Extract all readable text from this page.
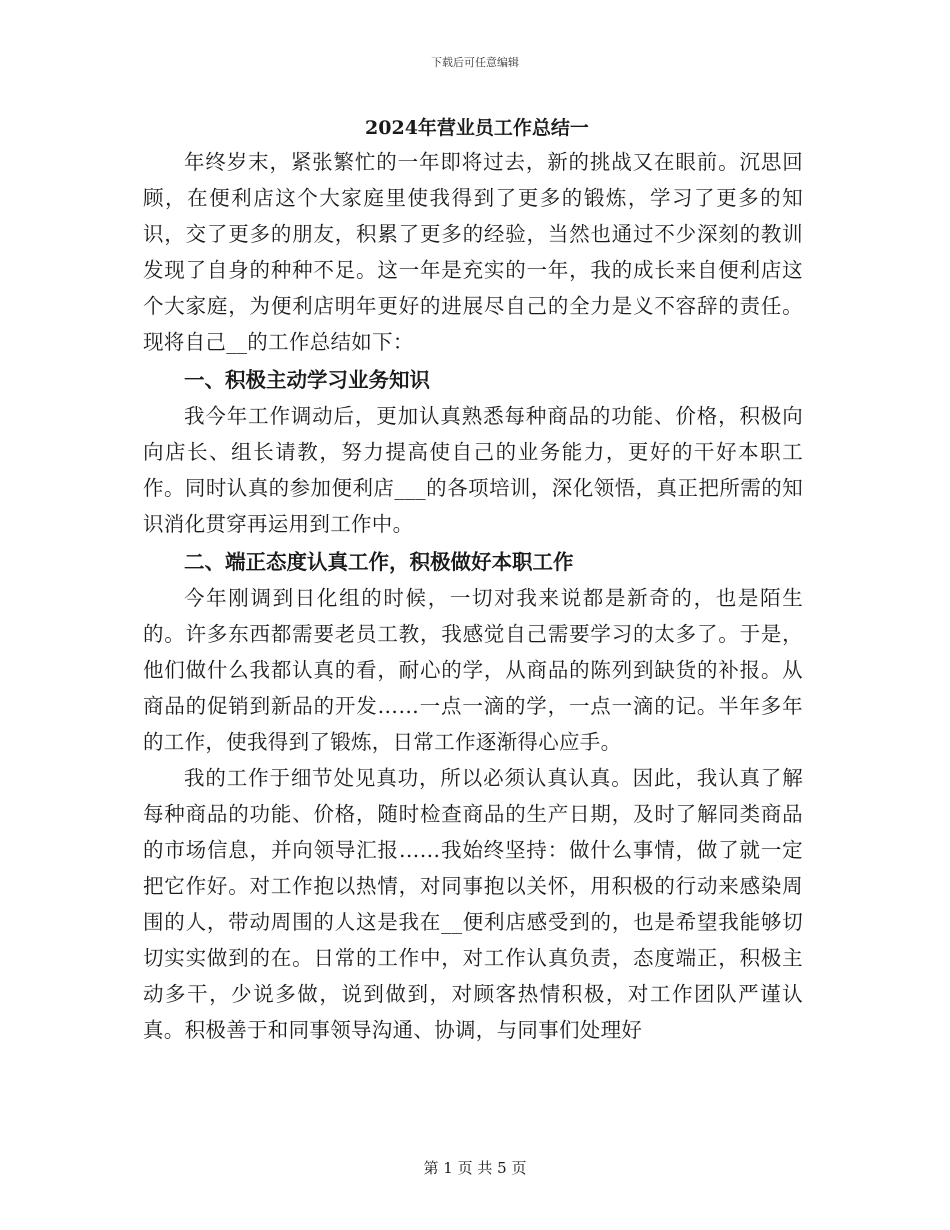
下载后可任意编辑
2024年营业员工作总结一

年终岁末，紧张繁忙的一年即将过去，新的挑战又在眼前。沉思回顾，在便利店这个大家庭里使我得到了更多的锻炼，学习了更多的知识，交了更多的朋友，积累了更多的经验，当然也通过不少深刻的教训发现了自身的种种不足。这一年是充实的一年，我的成长来自便利店这个大家庭，为便利店明年更好的进展尽自己的全力是义不容辞的责任。现将自己__的工作总结如下：

一、积极主动学习业务知识

我今年工作调动后，更加认真熟悉每种商品的功能、价格，积极向向店长、组长请教，努力提高使自己的业务能力，更好的干好本职工作。同时认真的参加便利店___的各项培训，深化领悟，真正把所需的知识消化贯穿再运用到工作中。

二、端正态度认真工作，积极做好本职工作

今年刚调到日化组的时候，一切对我来说都是新奇的，也是陌生的。许多东西都需要老员工教，我感觉自己需要学习的太多了。于是，他们做什么我都认真的看，耐心的学，从商品的陈列到缺货的补报。从商品的促销到新品的开发……一点一滴的学，一点一滴的记。半年多年的工作，使我得到了锻炼，日常工作逐渐得心应手。

我的工作于细节处见真功，所以必须认真认真。因此，我认真了解每种商品的功能、价格，随时检查商品的生产日期，及时了解同类商品的市场信息，并向领导汇报……我始终坚持：做什么事情，做了就一定把它作好。对工作抱以热情，对同事抱以关怀，用积极的行动来感染周围的人，带动周围的人这是我在__便利店感受到的，也是希望我能够切切实实做到的在。日常的工作中，对工作认真负责，态度端正，积极主动多干，少说多做，说到做到，对顾客热情积极，对工作团队严谨认真。积极善于和同事领导沟通、协调，与同事们处理好

第 1 页 共 5 页
